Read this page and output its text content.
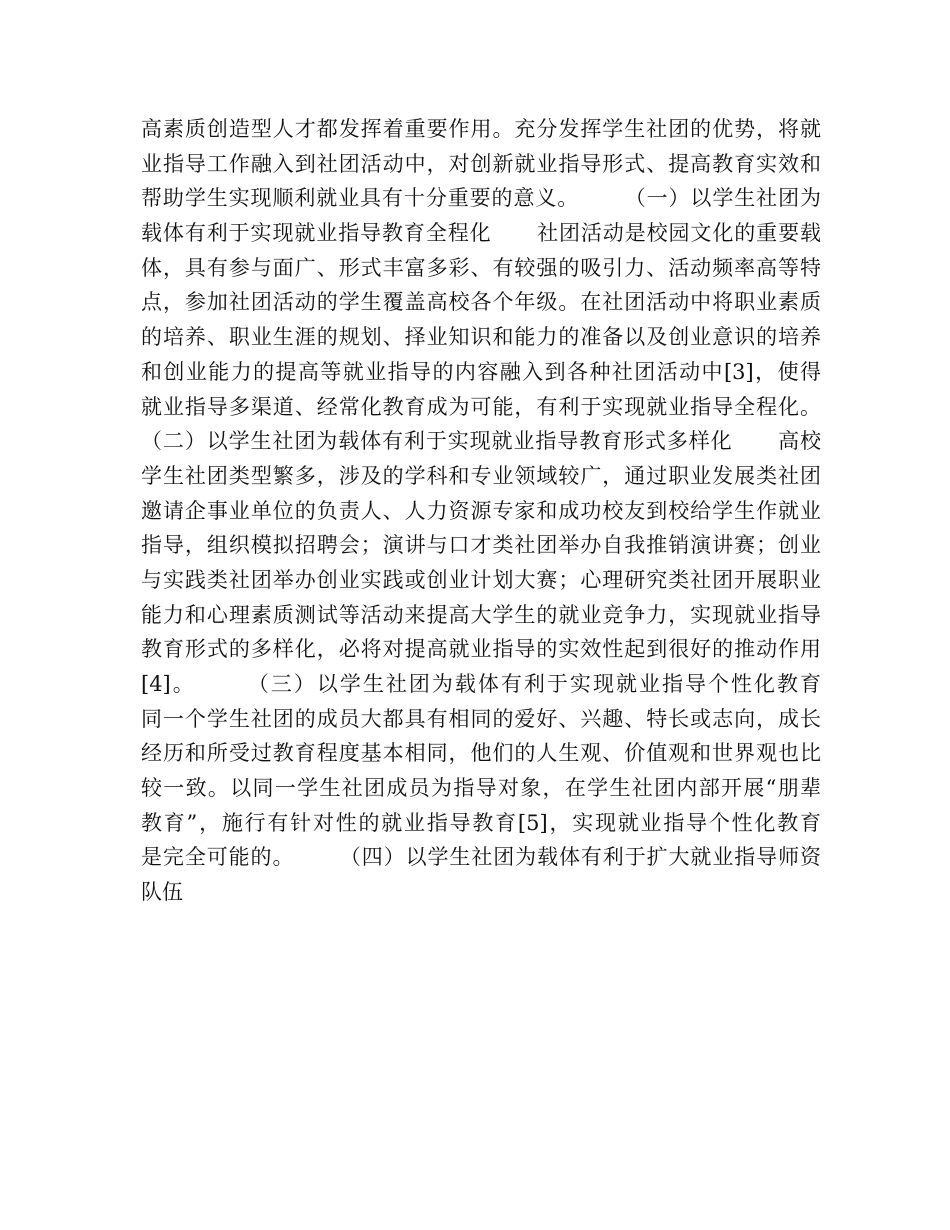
高素质创造型人才都发挥着重要作用。充分发挥学生社团的优势，将就
业指导工作融入到社团活动中，对创新就业指导形式、提高教育实效和
帮助学生实现顺利就业具有十分重要的意义。      （一）以学生社团为
载体有利于实现就业指导教育全程化      社团活动是校园文化的重要载
体，具有参与面广、形式丰富多彩、有较强的吸引力、活动频率高等特
点，参加社团活动的学生覆盖高校各个年级。在社团活动中将职业素质
的培养、职业生涯的规划、择业知识和能力的准备以及创业意识的培养
和创业能力的提高等就业指导的内容融入到各种社团活动中[3]，使得
就业指导多渠道、经常化教育成为可能，有利于实现就业指导全程化。
（二）以学生社团为载体有利于实现就业指导教育形式多样化      高校
学生社团类型繁多，涉及的学科和专业领域较广，通过职业发展类社团
邀请企事业单位的负责人、人力资源专家和成功校友到校给学生作就业
指导，组织模拟招聘会；演讲与口才类社团举办自我推销演讲赛；创业
与实践类社团举办创业实践或创业计划大赛；心理研究类社团开展职业
能力和心理素质测试等活动来提高大学生的就业竞争力，实现就业指导
教育形式的多样化，必将对提高就业指导的实效性起到很好的推动作用
[4]。      （三）以学生社团为载体有利于实现就业指导个性化教育
同一个学生社团的成员大都具有相同的爱好、兴趣、特长或志向，成长
经历和所受过教育程度基本相同，他们的人生观、价值观和世界观也比
较一致。以同一学生社团成员为指导对象，在学生社团内部开展“朋辈
教育”，施行有针对性的就业指导教育[5]，实现就业指导个性化教育
是完全可能的。      （四）以学生社团为载体有利于扩大就业指导师资
队伍
